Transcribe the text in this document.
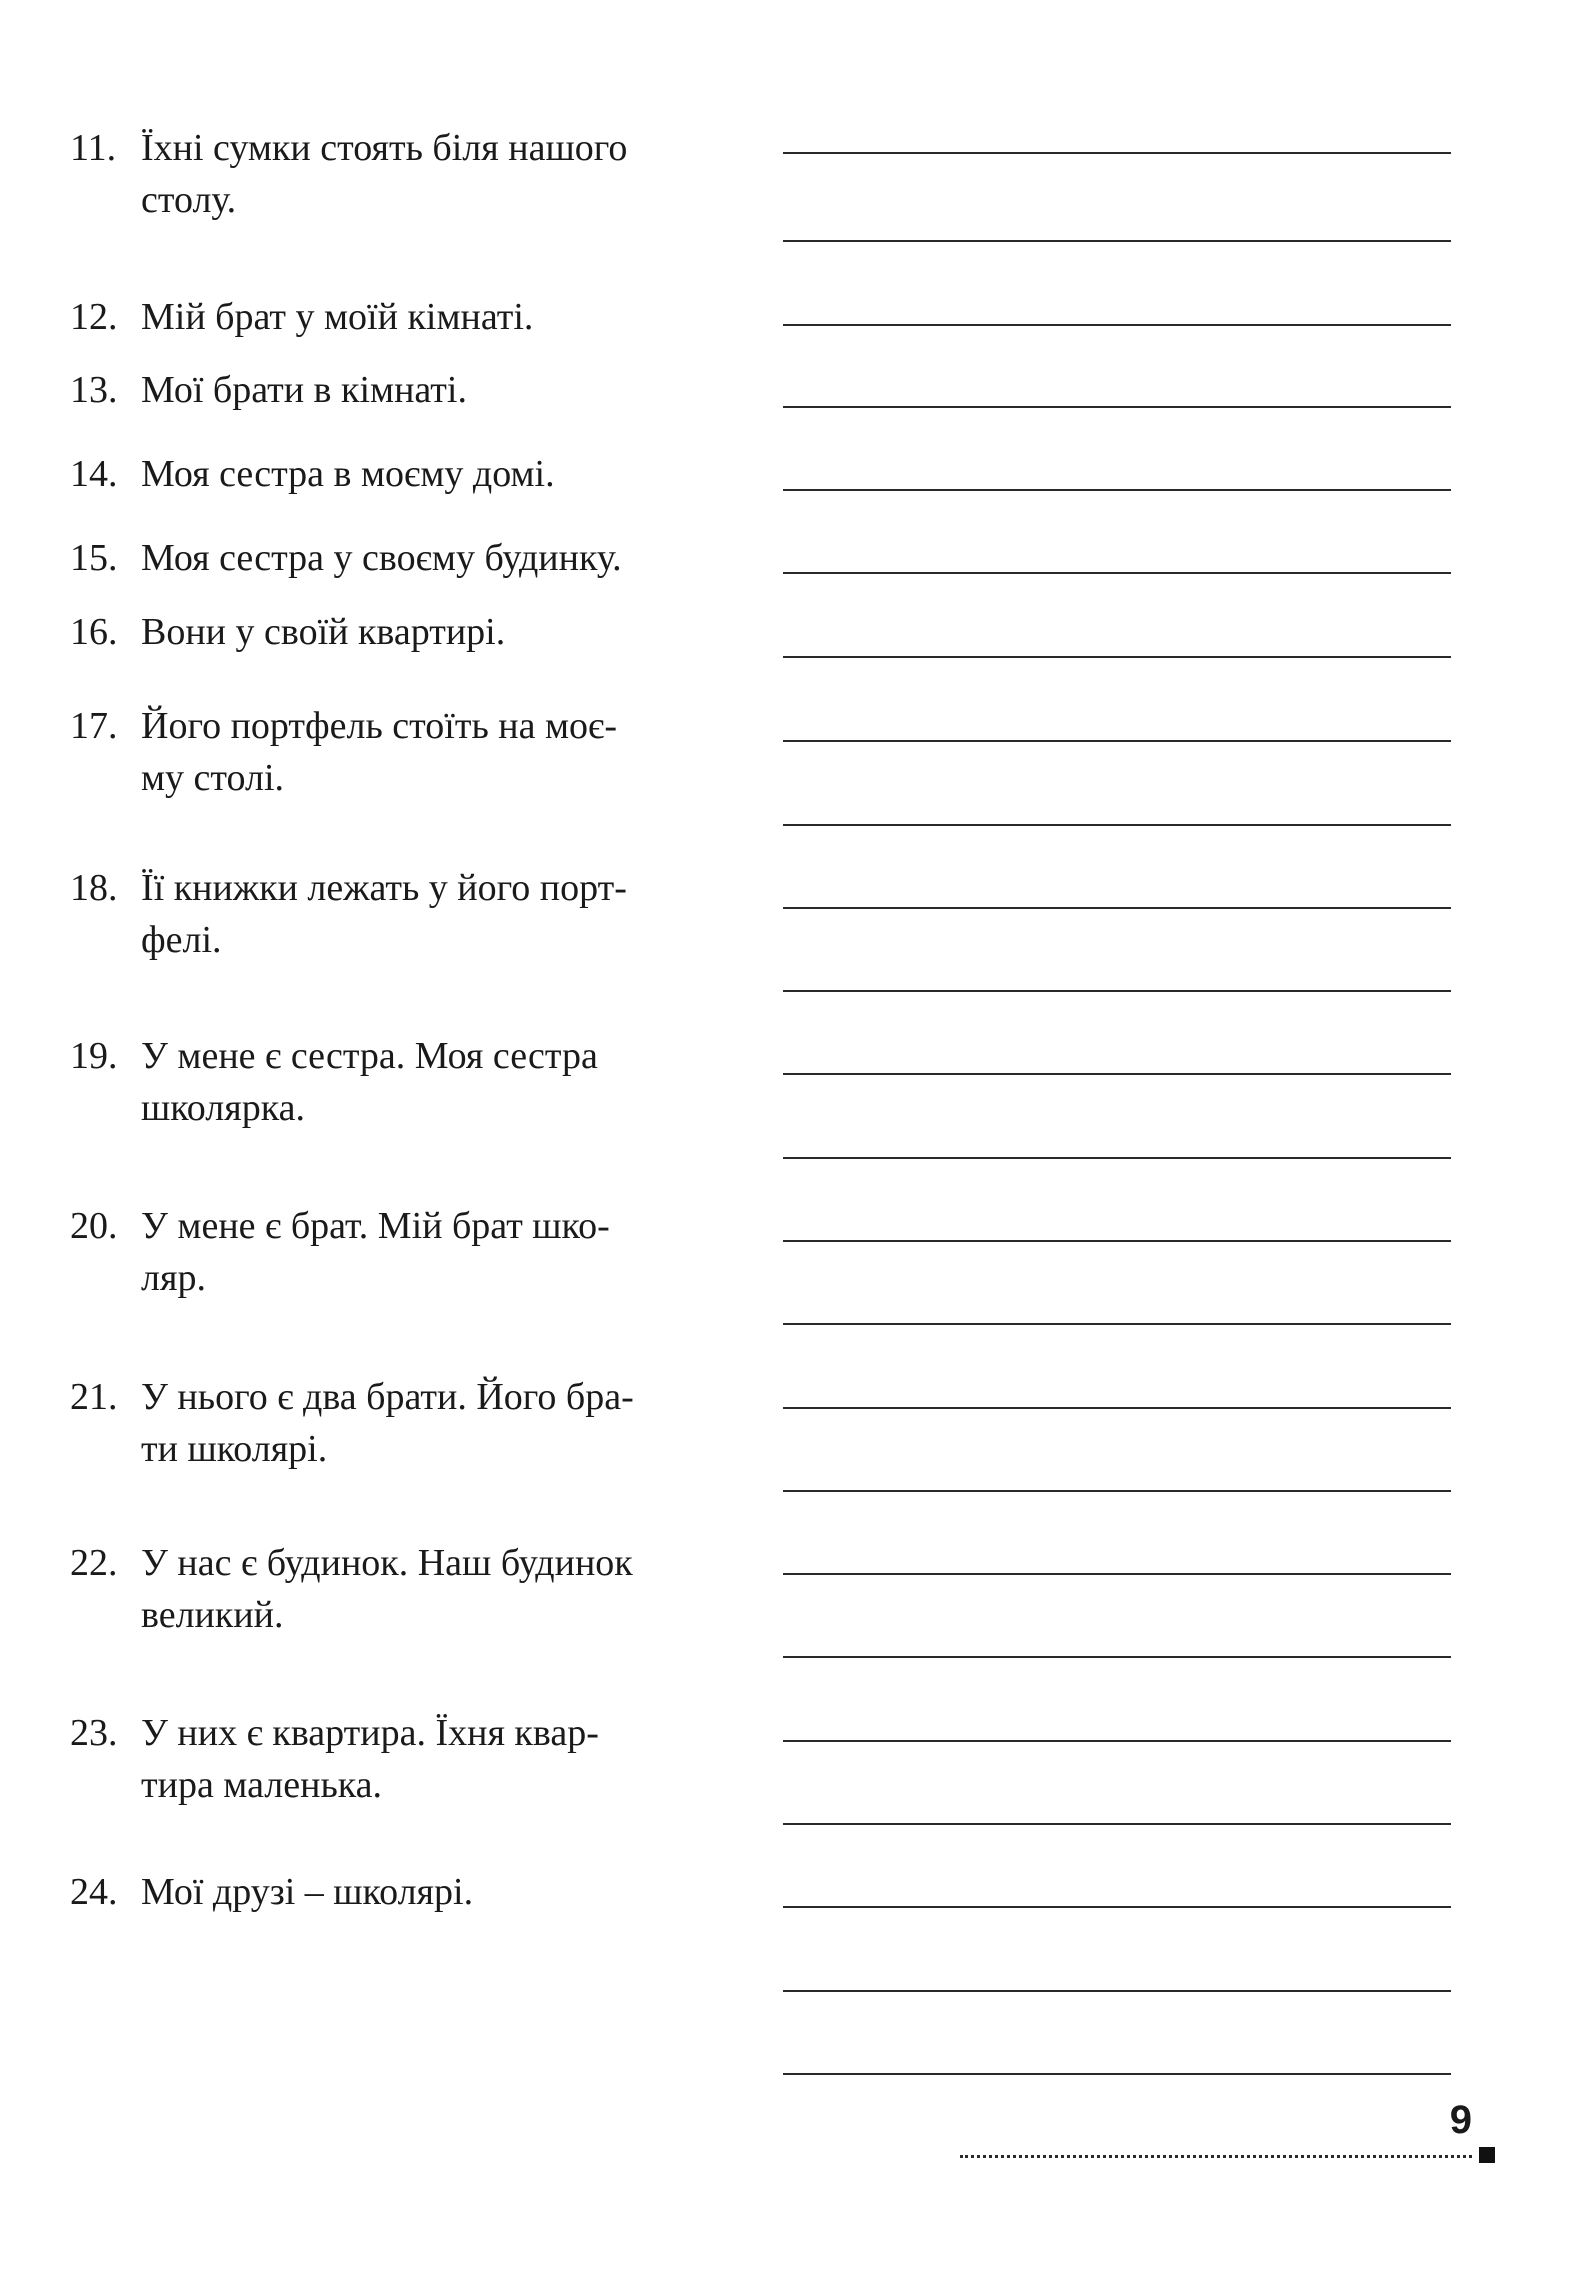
11. Їхні сумки стоять біля нашого
столу.
12. Мій брат у моїй кімнаті.
13. Мої брати в кімнаті.
14. Моя сестра в моєму домі.
15. Моя сестра у своєму будинку.
16. Вони у своїй квартирі.
17. Його портфель стоїть на моє-
му столі.
18. Її книжки лежать у його порт-
фелі.
19. У мене є сестра. Моя сестра
школярка.
20. У мене є брат. Мій брат шко-
ляр.
21. У нього є два брати. Його бра-
ти школярі.
22. У нас є будинок. Наш будинок
великий.
23. У них є квартира. Їхня квар-
тира маленька.
24. Мої друзі – школярі.
9
